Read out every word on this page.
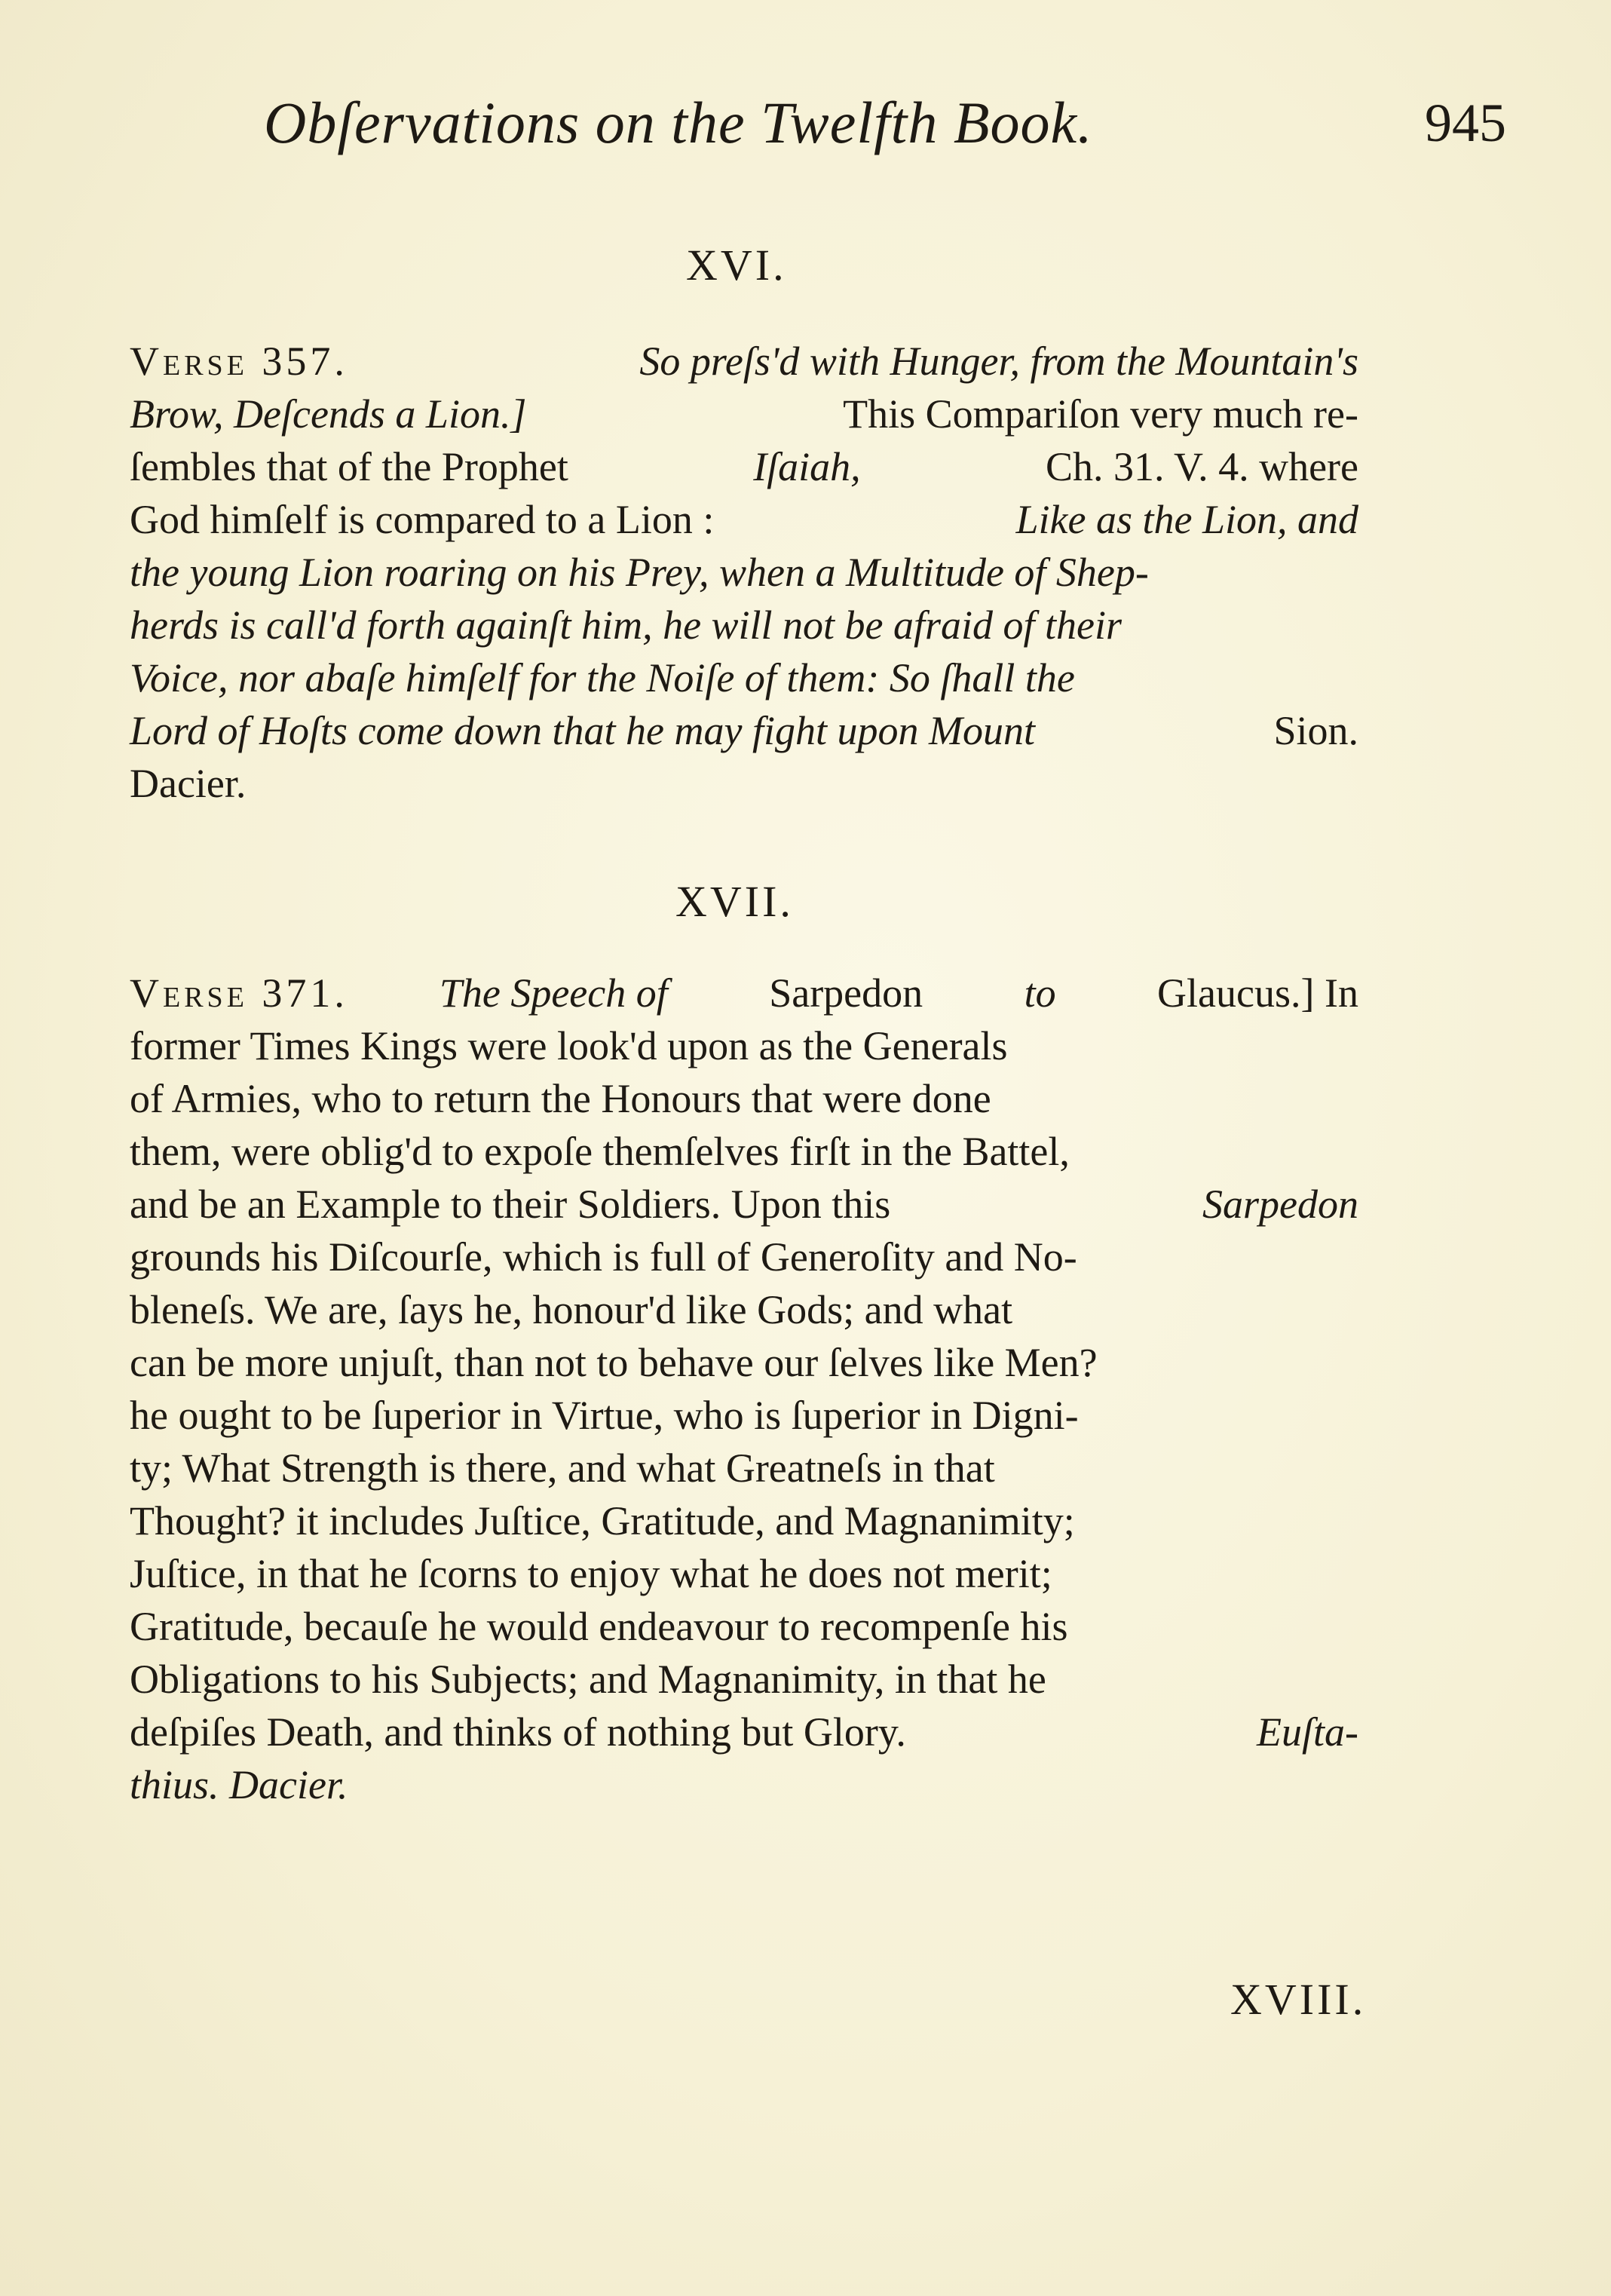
Obſervations on the Twelfth Book.	945
XVI.
Verse 357.	So preſs'd with Hunger, from the Mountain's
Brow, Deſcends a Lion.]	This Compariſon very much re-
ſembles that of the Prophet	Iſaiah,	Ch. 31. V. 4. where
God himſelf is compared to a Lion :	Like as the Lion, and
the young Lion roaring on his Prey, when a Multitude of Shep-
herds is call'd forth againſt him, he will not be afraid of their
Voice, nor abaſe himſelf for the Noiſe of them: So ſhall the
Lord of Hoſts come down that he may fight upon Mount	Sion.
Dacier.
XVII.
Verse 371. The Speech of Sarpedon to Glaucus.] In
former Times Kings were look'd upon as the Generals
of Armies, who to return the Honours that were done
them, were oblig'd to expoſe themſelves firſt in the Battel,
and be an Example to their Soldiers. Upon this	Sarpedon
grounds his Diſcourſe, which is full of Generoſity and No-
bleneſs. We are, ſays he, honour'd like Gods; and what
can be more unjuſt, than not to behave our ſelves like Men?
he ought to be ſuperior in Virtue, who is ſuperior in Digni-
ty; What Strength is there, and what Greatneſs in that
Thought? it includes Juſtice, Gratitude, and Magnanimity;
Juſtice, in that he ſcorns to enjoy what he does not merit;
Gratitude, becauſe he would endeavour to recompenſe his
Obligations to his Subjects; and Magnanimity, in that he
deſpiſes Death, and thinks of nothing but Glory.	Euſta-
thius. Dacier.
XVIII.
